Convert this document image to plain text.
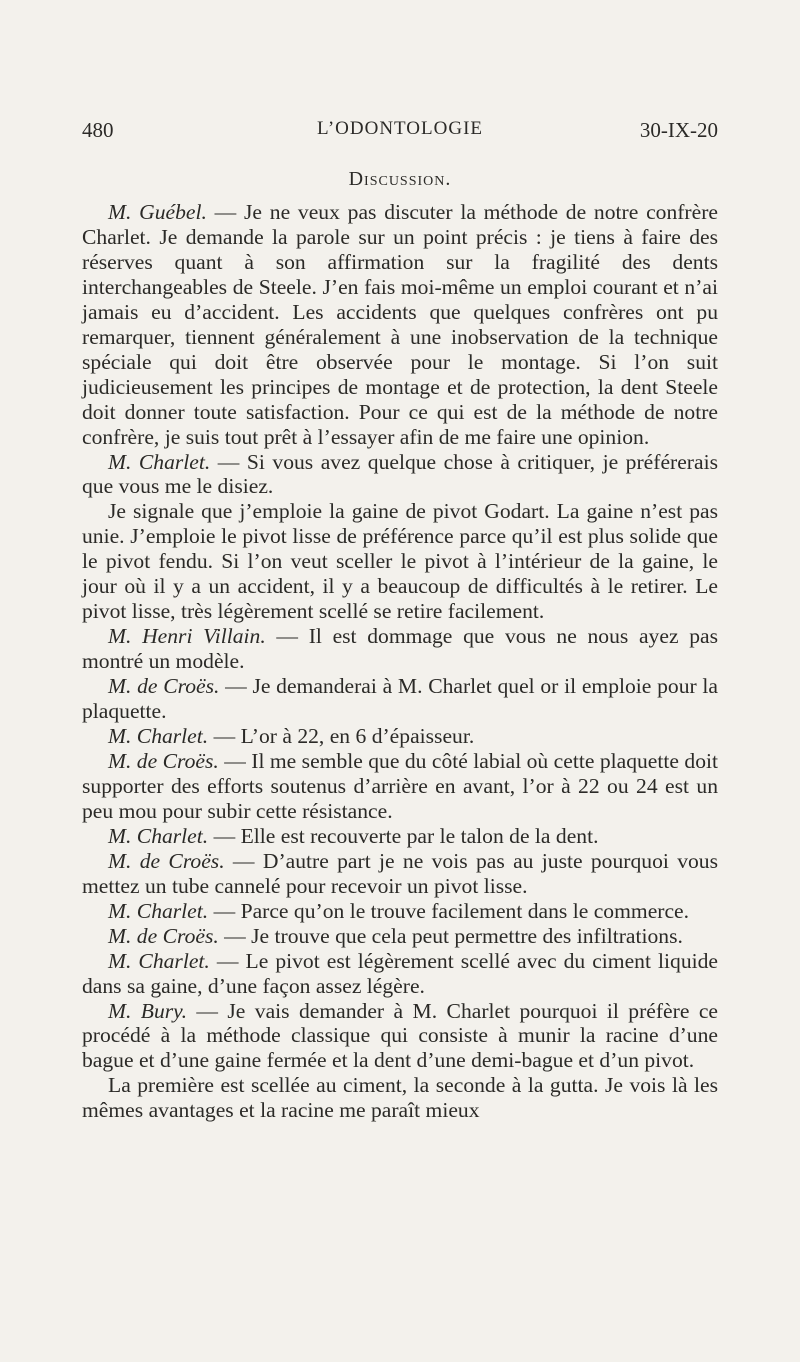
480	L’ODONTOLOGIE	30-IX-20
Discussion.

M. Guébel. — Je ne veux pas discuter la méthode de notre confrère Charlet. Je demande la parole sur un point précis : je tiens à faire des réserves quant à son affirmation sur la fragilité des dents interchangeables de Steele. J’en fais moi-même un emploi courant et n’ai jamais eu d’accident. Les accidents que quelques confrères ont pu remarquer, tiennent généralement à une inobservation de la technique spéciale qui doit être observée pour le montage. Si l’on suit judicieusement les principes de montage et de protection, la dent Steele doit donner toute satisfaction. Pour ce qui est de la méthode de notre confrère, je suis tout prêt à l’essayer afin de me faire une opinion.

M. Charlet. — Si vous avez quelque chose à critiquer, je préférerais que vous me le disiez.

Je signale que j’emploie la gaine de pivot Godart. La gaine n’est pas unie. J’emploie le pivot lisse de préférence parce qu’il est plus solide que le pivot fendu. Si l’on veut sceller le pivot à l’intérieur de la gaine, le jour où il y a un accident, il y a beaucoup de difficultés à le retirer. Le pivot lisse, très légèrement scellé se retire facilement.

M. Henri Villain. — Il est dommage que vous ne nous ayez pas montré un modèle.

M. de Croës. — Je demanderai à M. Charlet quel or il emploie pour la plaquette.

M. Charlet. — L’or à 22, en 6 d’épaisseur.

M. de Croës. — Il me semble que du côté labial où cette plaquette doit supporter des efforts soutenus d’arrière en avant, l’or à 22 ou 24 est un peu mou pour subir cette résistance.

M. Charlet. — Elle est recouverte par le talon de la dent.

M. de Croës. — D’autre part je ne vois pas au juste pourquoi vous mettez un tube cannelé pour recevoir un pivot lisse.

M. Charlet. — Parce qu’on le trouve facilement dans le commerce.

M. de Croës. — Je trouve que cela peut permettre des infiltrations.

M. Charlet. — Le pivot est légèrement scellé avec du ciment liquide dans sa gaine, d’une façon assez légère.

M. Bury. — Je vais demander à M. Charlet pourquoi il préfère ce procédé à la méthode classique qui consiste à munir la racine d’une bague et d’une gaine fermée et la dent d’une demi-bague et d’un pivot.

La première est scellée au ciment, la seconde à la gutta. Je vois là les mêmes avantages et la racine me paraît mieux
